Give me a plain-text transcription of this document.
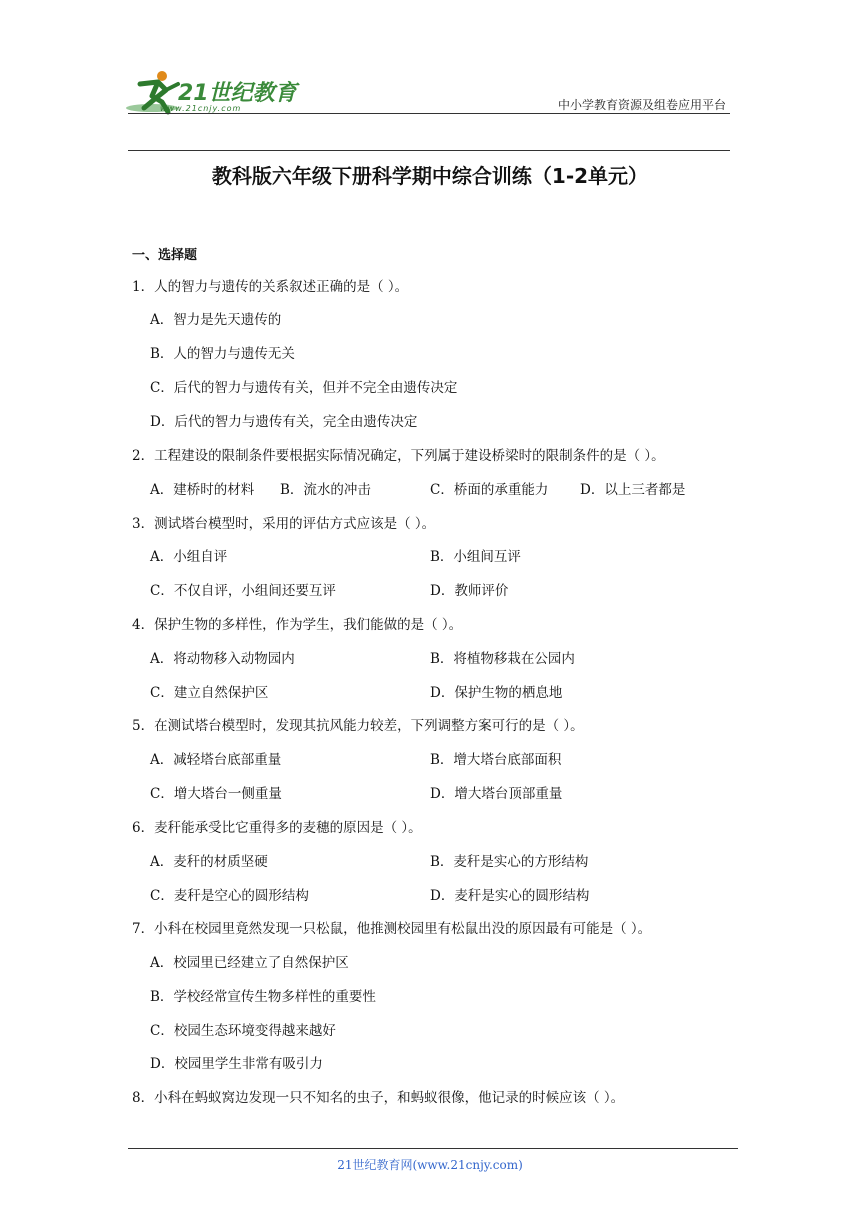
21世纪教育
www.21cnjy.com	中小学教育资源及组卷应用平台
教科版六年级下册科学期中综合训练（1-2单元）
一、选择题
1．人的智力与遗传的关系叙述正确的是（ ）。
A．智力是先天遗传的
B．人的智力与遗传无关
C．后代的智力与遗传有关，但并不完全由遗传决定
D．后代的智力与遗传有关，完全由遗传决定
2．工程建设的限制条件要根据实际情况确定，下列属于建设桥梁时的限制条件的是（ ）。
A．建桥时的材料 B．流水的冲击	C．桥面的承重能力 D．以上三者都是
3．测试塔台模型时，采用的评估方式应该是（ ）。
A．小组自评	B．小组间互评
C．不仅自评，小组间还要互评	D．教师评价
4．保护生物的多样性，作为学生，我们能做的是（ ）。
A．将动物移入动物园内	B．将植物移栽在公园内
C．建立自然保护区	D．保护生物的栖息地
5．在测试塔台模型时，发现其抗风能力较差，下列调整方案可行的是（ ）。
A．减轻塔台底部重量	B．增大塔台底部面积
C．增大塔台一侧重量	D．增大塔台顶部重量
6．麦秆能承受比它重得多的麦穗的原因是（ ）。
A．麦秆的材质坚硬	B．麦秆是实心的方形结构
C．麦秆是空心的圆形结构	D．麦秆是实心的圆形结构
7．小科在校园里竟然发现一只松鼠，他推测校园里有松鼠出没的原因最有可能是（ ）。
A．校园里已经建立了自然保护区
B．学校经常宣传生物多样性的重要性
C．校园生态环境变得越来越好
D．校园里学生非常有吸引力
8．小科在蚂蚁窝边发现一只不知名的虫子，和蚂蚁很像，他记录的时候应该（ ）。
21世纪教育网(www.21cnjy.com)
